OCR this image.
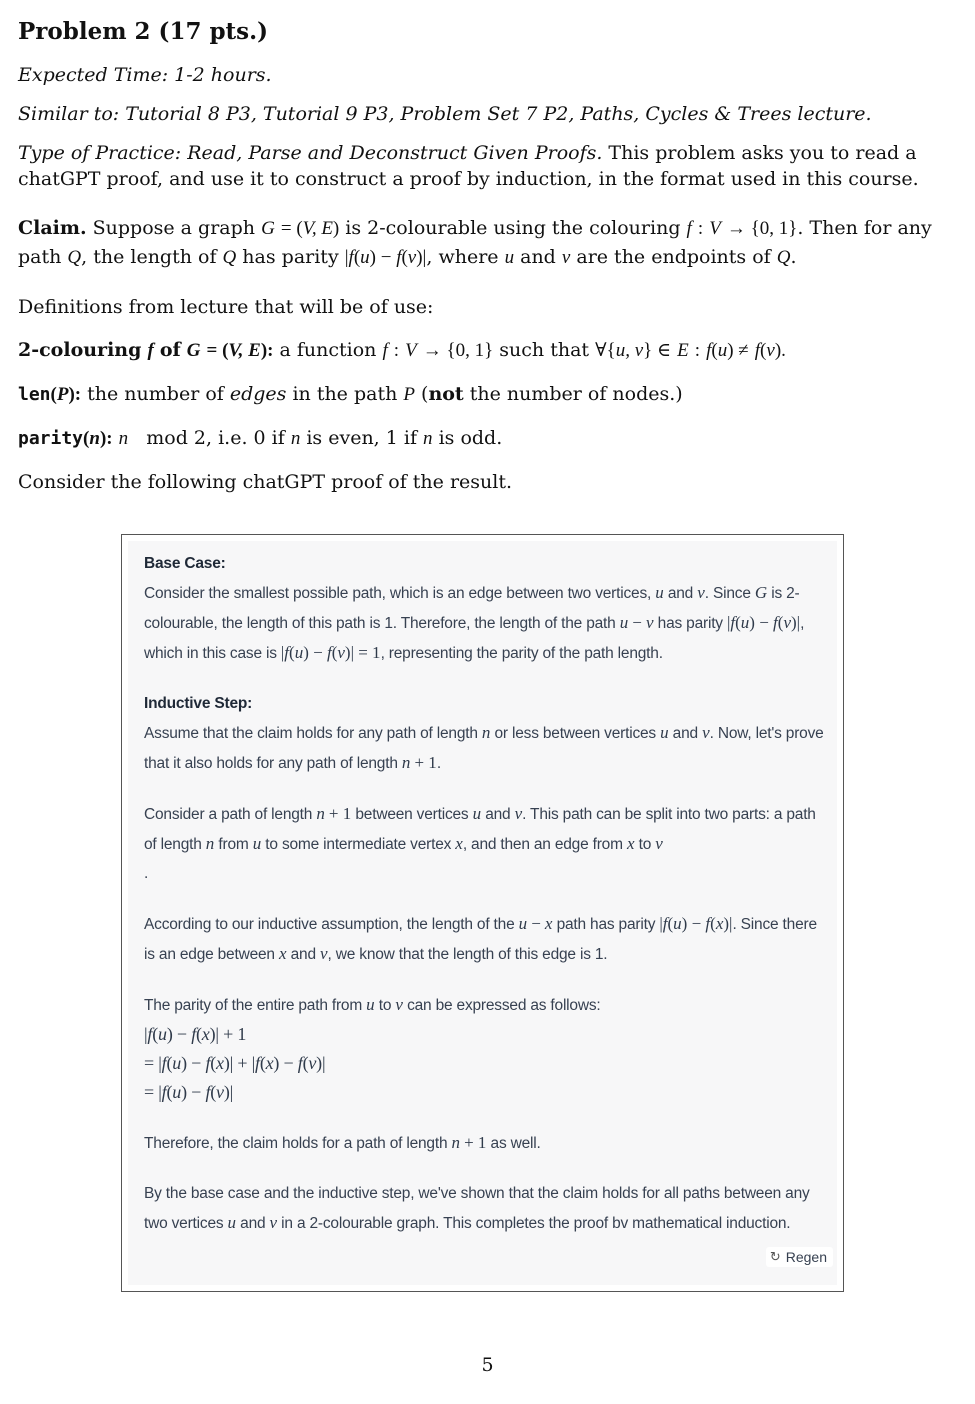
Problem 2 (17 pts.)
Expected Time: 1-2 hours.
Similar to: Tutorial 8 P3, Tutorial 9 P3, Problem Set 7 P2, Paths, Cycles & Trees lecture.
Type of Practice: Read, Parse and Deconstruct Given Proofs. This problem asks you to read a chatGPT proof, and use it to construct a proof by induction, in the format used in this course.
Claim. Suppose a graph G = (V, E) is 2-colourable using the colouring f : V → {0, 1}. Then for any path Q, the length of Q has parity |f(u) − f(v)|, where u and v are the endpoints of Q.
Definitions from lecture that will be of use:
2-colouring f of G = (V, E): a function f : V → {0, 1} such that ∀{u, v} ∈ E : f(u) ≠ f(v).
len(P): the number of edges in the path P (not the number of nodes.)
parity(n): n mod 2, i.e. 0 if n is even, 1 if n is odd.
Consider the following chatGPT proof of the result.

Base Case:

Consider the smallest possible path, which is an edge between two vertices, u and v. Since G is 2-colourable, the length of this path is 1. Therefore, the length of the path u − v has parity |f(u) − f(v)|, which in this case is |f(u) − f(v)| = 1, representing the parity of the path length.

Inductive Step:

Assume that the claim holds for any path of length n or less between vertices u and v. Now, let's prove that it also holds for any path of length n + 1.

Consider a path of length n + 1 between vertices u and v. This path can be split into two parts: a path of length n from u to some intermediate vertex x, and then an edge from x to v
.

According to our inductive assumption, the length of the u − x path has parity |f(u) − f(x)|. Since there is an edge between x and v, we know that the length of this edge is 1.

The parity of the entire path from u to v can be expressed as follows:

|f(u) − f(x)| + 1
= |f(u) − f(x)| + |f(x) − f(v)|
= |f(u) − f(v)|

Therefore, the claim holds for a path of length n + 1 as well.

By the base case and the inductive step, we've shown that the claim holds for all paths between any two vertices u and v in a 2-colourable graph. This completes the proof bv mathematical induction.

↻ Regen
5
